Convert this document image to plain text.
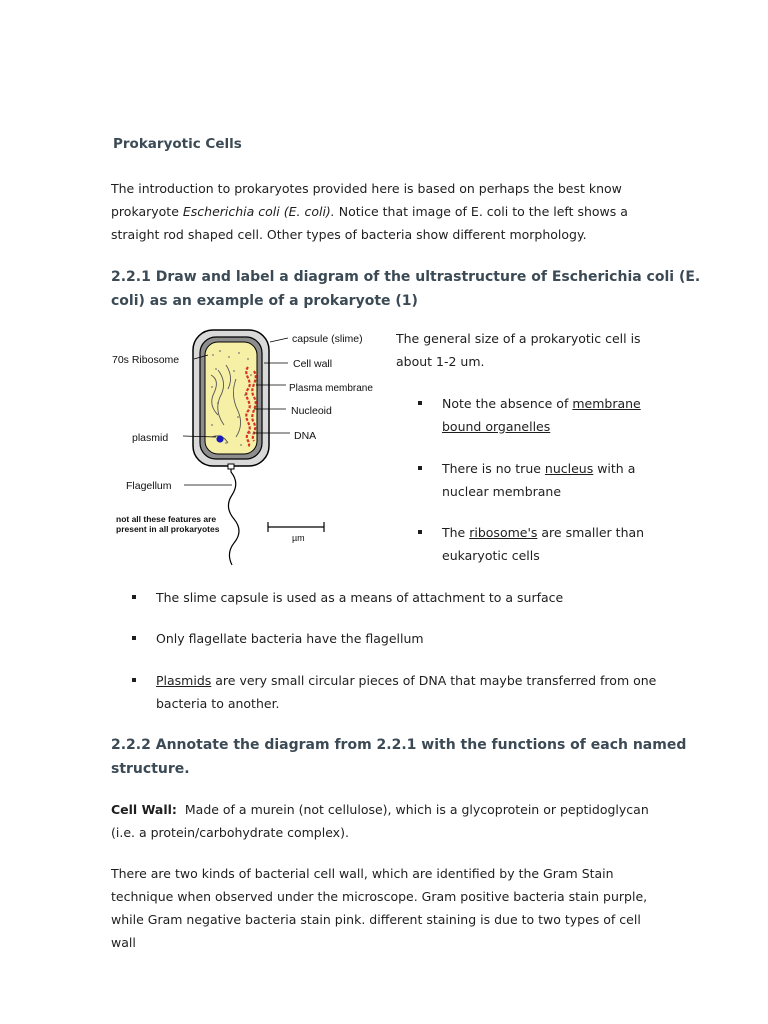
Prokaryotic Cells
The introduction to prokaryotes provided here is based on perhaps the best know
prokaryote Escherichia coli (E. coli). Notice that image of E. coli to the left shows a
straight rod shaped cell. Other types of bacteria show different morphology.
2.2.1 Draw and label a diagram of the ultrastructure of Escherichia coli (E.
coli) as an example of a prokaryote (1)
capsule (slime)
Cell wall
Plasma membrane
Nucleoid
DNA
70s Ribosome
plasmid
Flagellum
not all these features are
present in all prokaryotes
µm
The general size of a prokaryotic cell is
about 1-2 um.
Note the absence of membrane
bound organelles
There is no true nucleus with a
nuclear membrane
The ribosome's are smaller than
eukaryotic cells
The slime capsule is used as a means of attachment to a surface
Only flagellate bacteria have the flagellum
Plasmids are very small circular pieces of DNA that maybe transferred from one
bacteria to another.
2.2.2 Annotate the diagram from 2.2.1 with the functions of each named
structure.
Cell Wall:  Made of a murein (not cellulose), which is a glycoprotein or peptidoglycan
(i.e. a protein/carbohydrate complex).
There are two kinds of bacterial cell wall, which are identified by the Gram Stain
technique when observed under the microscope. Gram positive bacteria stain purple,
while Gram negative bacteria stain pink. different staining is due to two types of cell
wall
